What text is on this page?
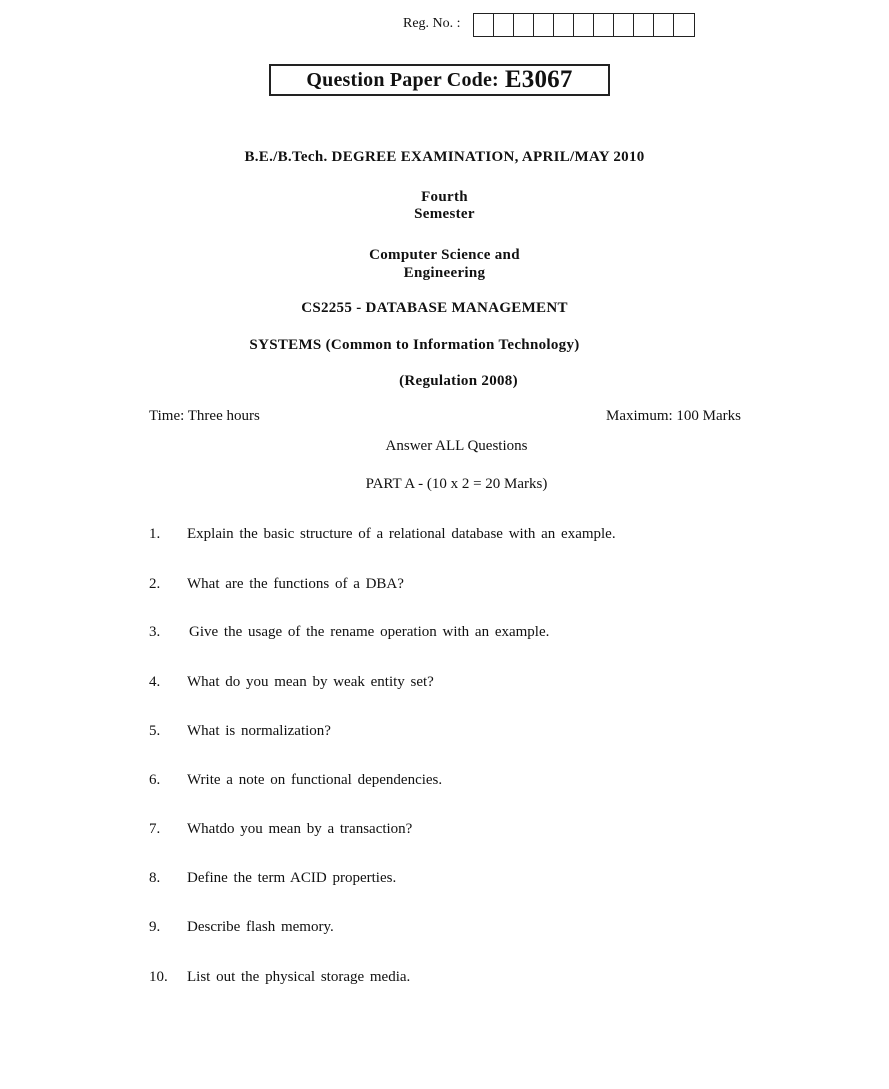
Reg. No. :
Question Paper Code: E3067
B.E./B.Tech. DEGREE EXAMINATION, APRIL/MAY 2010
Fourth
Semester
Computer Science and
Engineering
CS2255 - DATABASE MANAGEMENT
SYSTEMS (Common to Information Technology)
(Regulation 2008)
Time: Three hours	Maximum: 100 Marks
Answer ALL Questions
PART A - (10 x 2 = 20 Marks)
1.	Explain the basic structure of a relational database with an example.
2.	What are the functions of a DBA?
3.	Give the usage of the rename operation with an example.
4.	What do you mean by weak entity set?
5.	What is normalization?
6.	Write a note on functional dependencies.
7.	Whatdo you mean by a transaction?
8.	Define the term ACID properties.
9.	Describe flash memory.
10.	List out the physical storage media.
